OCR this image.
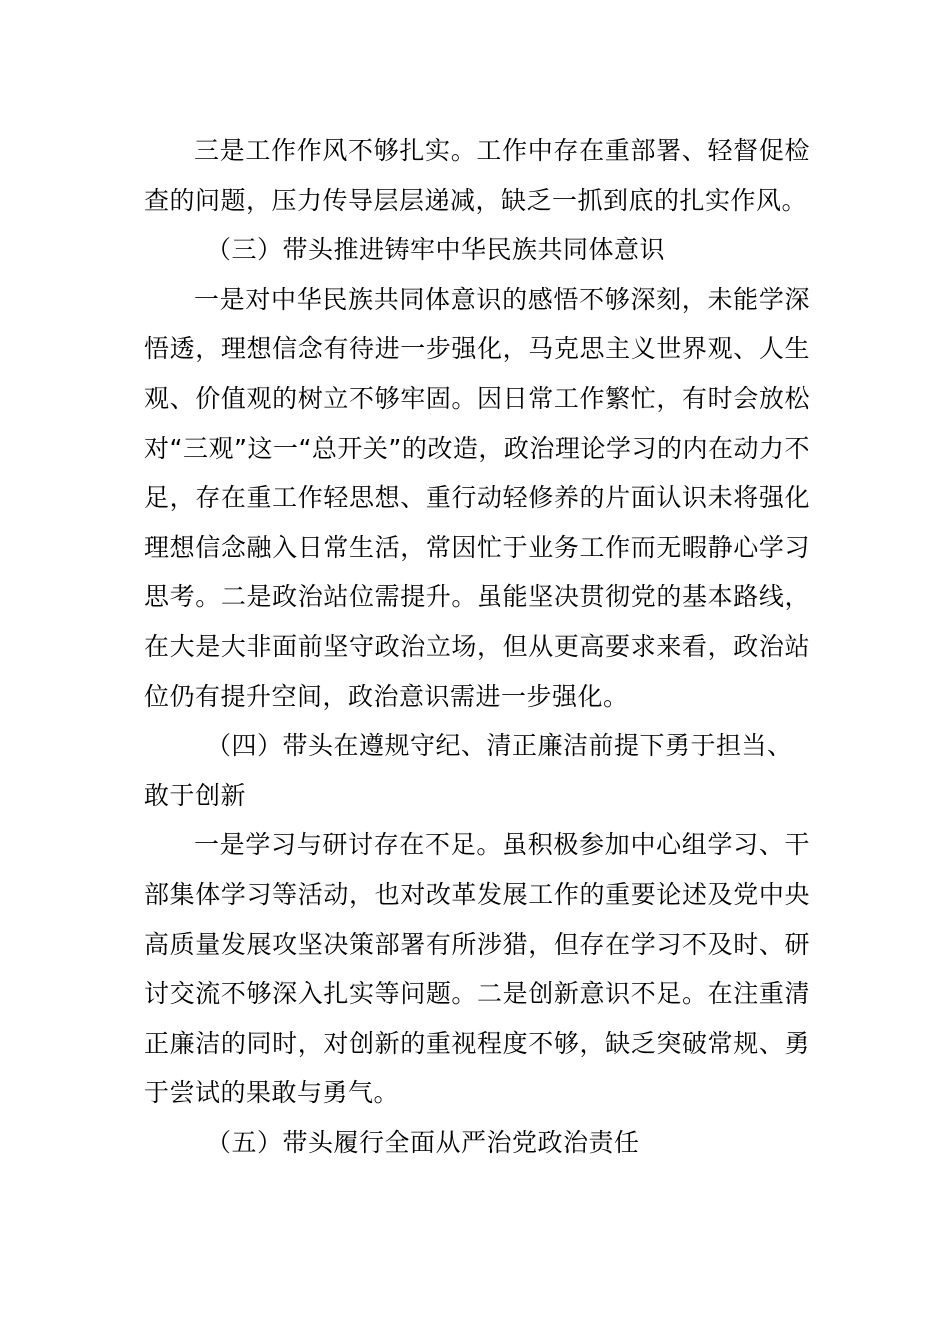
三是工作作风不够扎实。工作中存在重部署、轻督促检查的问题，压力传导层层递减，缺乏一抓到底的扎实作风。

（三）带头推进铸牢中华民族共同体意识

一是对中华民族共同体意识的感悟不够深刻，未能学深悟透，理想信念有待进一步强化，马克思主义世界观、人生观、价值观的树立不够牢固。因日常工作繁忙，有时会放松对“三观”这一“总开关”的改造，政治理论学习的内在动力不足，存在重工作轻思想、重行动轻修养的片面认识未将强化理想信念融入日常生活，常因忙于业务工作而无暇静心学习思考。二是政治站位需提升。虽能坚决贯彻党的基本路线，在大是大非面前坚守政治立场，但从更高要求来看，政治站位仍有提升空间，政治意识需进一步强化。

（四）带头在遵规守纪、清正廉洁前提下勇于担当、敢于创新

一是学习与研讨存在不足。虽积极参加中心组学习、干部集体学习等活动，也对改革发展工作的重要论述及党中央高质量发展攻坚决策部署有所涉猎，但存在学习不及时、研讨交流不够深入扎实等问题。二是创新意识不足。在注重清正廉洁的同时，对创新的重视程度不够，缺乏突破常规、勇于尝试的果敢与勇气。

（五）带头履行全面从严治党政治责任
